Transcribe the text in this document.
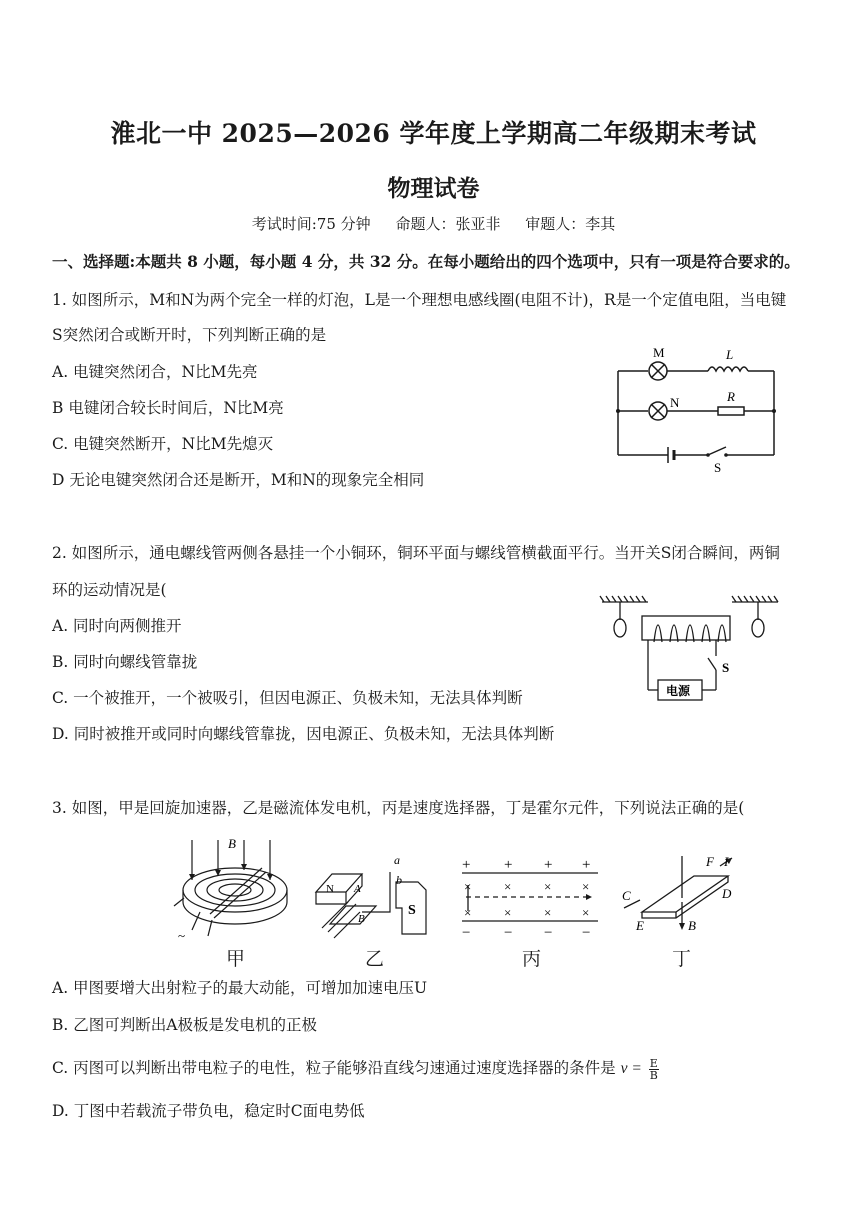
淮北一中 2025—2026 学年度上学期高二年级期末考试
物理试卷
考试时间:75 分钟 命题人：张亚非 审题人：李其
一、选择题:本题共 8 小题，每小题 4 分，共 32 分。在每小题给出的四个选项中，只有一项是符合要求的。
1. 如图所示，M和N为两个完全一样的灯泡，L是一个理想电感线圈(电阻不计)，R是一个定值电阻，当电键
S突然闭合或断开时，下列判断正确的是
A. 电键突然闭合，N比M先亮
B 电键闭合较长时间后，N比M亮
C. 电键突然断开，N比M先熄灭
D 无论电键突然闭合还是断开，M和N的现象完全相同
M
N
L
R
S
2. 如图所示，通电螺线管两侧各悬挂一个小铜环，铜环平面与螺线管横截面平行。当开关S闭合瞬间，两铜
环的运动情况是(
A. 同时向两侧推开
B. 同时向螺线管靠拢
C. 一个被推开，一个被吸引，但因电源正、负极未知，无法具体判断
D. 同时被推开或同时向螺线管靠拢，因电源正、负极未知，无法具体判断
电源
S
3. 如图，甲是回旋加速器，乙是磁流体发电机，丙是速度选择器，丁是霍尔元件，下列说法正确的是(
B
~
N A
B
a
b
S
+ + + +
×	×	× ×
×	×	× ×
− − − −
F I
C	D
E	B
甲	乙	丙	丁
A. 甲图要增大出射粒子的最大动能，可增加加速电压U
B. 乙图可判断出A极板是发电机的正极
C. 丙图可以判断出带电粒子的电性，粒子能够沿直线匀速通过速度选择器的条件是 $v = \frac{E}{B}$
D. 丁图中若载流子带负电，稳定时C面电势低
